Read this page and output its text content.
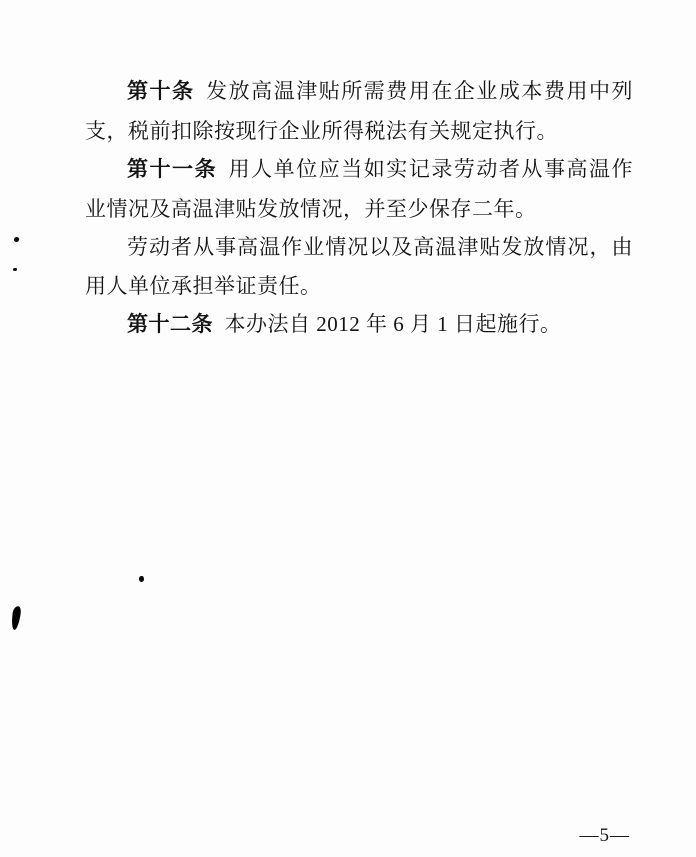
第十条 发放高温津贴所需费用在企业成本费用中列支，税前扣除按现行企业所得税法有关规定执行。

第十一条 用人单位应当如实记录劳动者从事高温作业情况及高温津贴发放情况，并至少保存二年。

劳动者从事高温作业情况以及高温津贴发放情况，由用人单位承担举证责任。

第十二条 本办法自 2012 年 6 月 1 日起施行。

—5—
